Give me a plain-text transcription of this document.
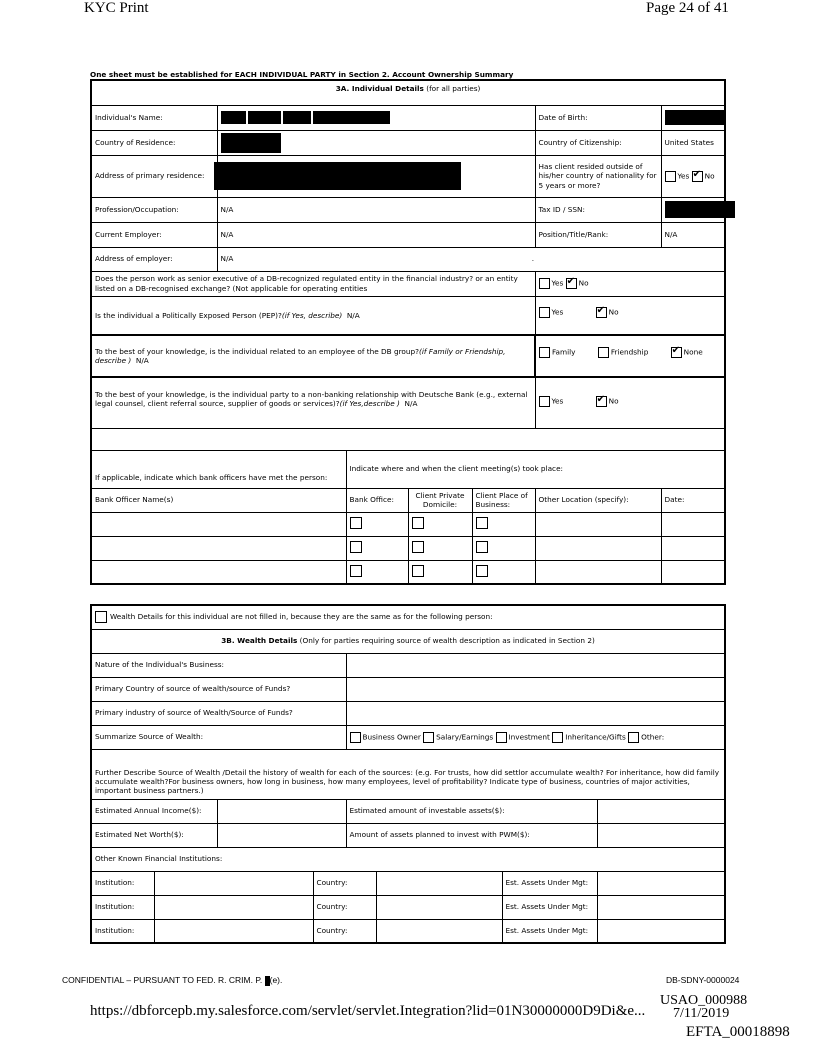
KYC Print	Page 24 of 41
One sheet must be established for EACH INDIVIDUAL PARTY in Section 2. Account Ownership Summary
3A. Individual Details (for all parties)						
Individual's Name:					Date of Birth:	
Country of Residence:					Country of Citizenship:	United States
Address of primary residence:					Has client resided outside of his/her country of nationality for 5 years or more?	Yes ✔ No
Profession/Occupation:	N/A				Tax ID / SSN:	
Current Employer:	N/A				Position/Title/Rank:	N/A
Address of employer:	N/A .					
Does the person work as senior executive of a DB-recognized regulated entity in the financial industry? or an entity listed on a DB-recognised exchange? (Not applicable for operating entities					Yes ✔ No
Is the individual a Politically Exposed Person (PEP)?(if Yes, describe) N/A					Yes ✔ No
To the best of your knowledge, is the individual related to an employee of the DB group?(if Family or Friendship, describe ) N/A					Family Friendship ✔ None
To the best of your knowledge, is the individual party to a non-banking relationship with Deutsche Bank (e.g., external legal counsel, client referral source, supplier of goods or services)?(if Yes,describe ) N/A					Yes ✔ No

If applicable, indicate which bank officers have met the person:		Indicate where and when the client meeting(s) took place:				
Bank Officer Name(s)		Bank Office:	Client Private Domicile:	Client Place of Business:	Other Location (specify):	Date:

Wealth Details for this individual are not filled in, because they are the same as for the following person:							
3B. Wealth Details (Only for parties requiring source of wealth description as indicated in Section 2)							
Nature of the Individual's Business:							
Primary Country of source of wealth/source of Funds?							
Primary industry of source of Wealth/Source of Funds?							
Summarize Source of Wealth:				Business Owner Salary/Earnings Investment Inheritance/Gifts Other:			
Further Describe Source of Wealth /Detail the history of wealth for each of the sources: (e.g. For trusts, how did settlor accumulate wealth? For inheritance, how did family accumulate wealth?For business owners, how long in business, how many employees, level of profitability? Indicate type of business, countries of major activities, important business partners.)							
Estimated Annual Income($):				Estimated amount of investable assets($):			
Estimated Net Worth($):				Amount of assets planned to invest with PWM($):			
Other Known Financial Institutions:							
Institution:			Country:			Est. Assets Under Mgt:	
Institution:			Country:			Est. Assets Under Mgt:	
Institution:			Country:			Est. Assets Under Mgt:	
CONFIDENTIAL – PURSUANT TO FED. R. CRIM. P. (e).	DB-SDNY-0000024
https://dbforcepb.my.salesforce.com/servlet/servlet.Integration?lid=01N30000000D9Di&e...
USAO_000988
7/11/2019
EFTA_00018898
